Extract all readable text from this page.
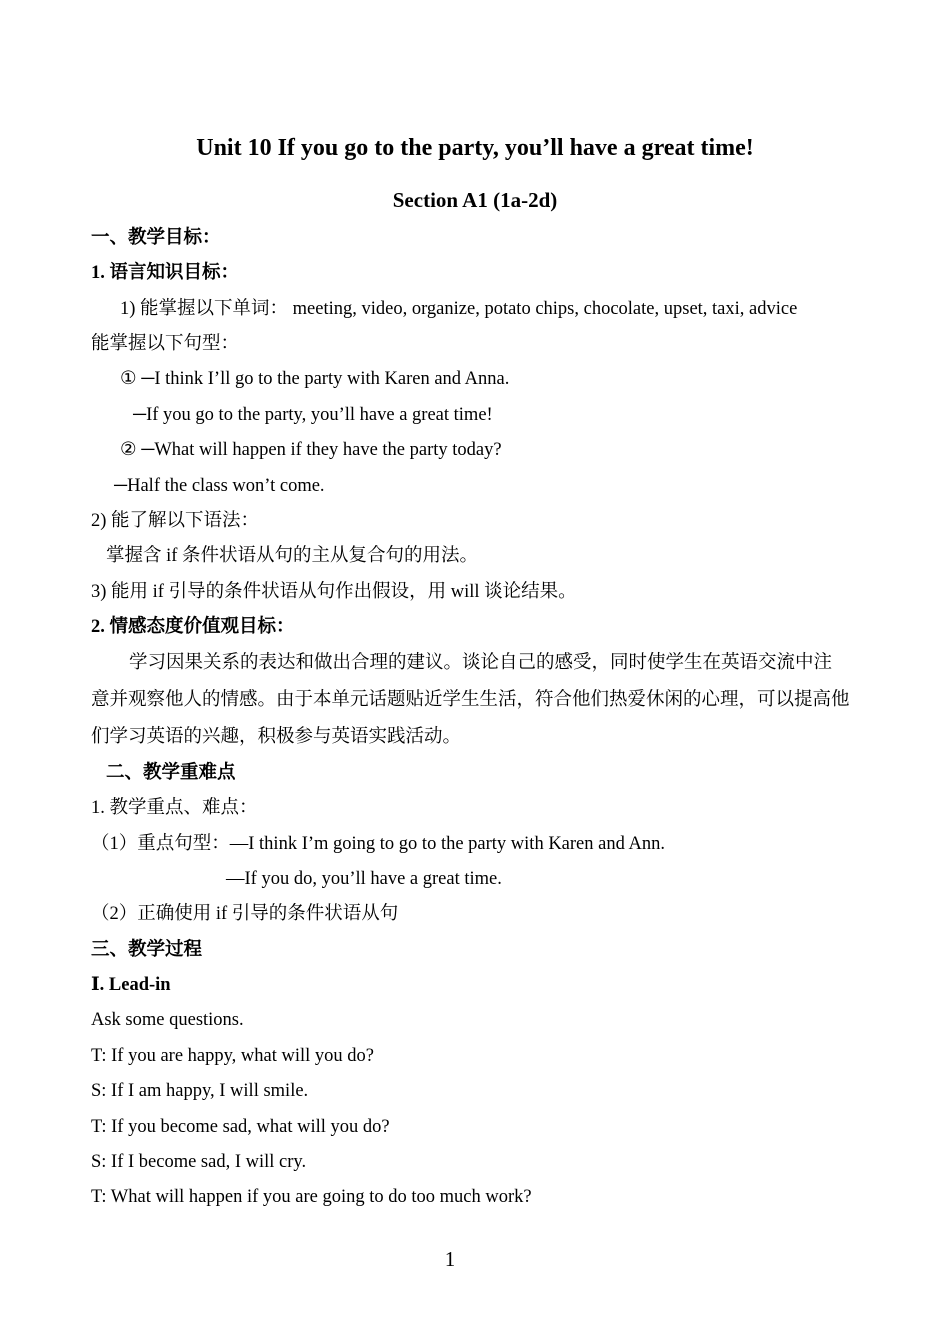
Unit 10 If you go to the party, you’ll have a great time!
Section A1 (1a-2d)
一、教学目标：
1. 语言知识目标：
1) 能掌握以下单词： meeting, video, organize, potato chips, chocolate, upset, taxi, advice
能掌握以下句型：
① ─I think I’ll go to the party with Karen and Anna.
─If you go to the party, you’ll have a great time!
② ─What will happen if they have the party today?
─Half the class won’t come.
2) 能了解以下语法：
掌握含 if 条件状语从句的主从复合句的用法。
3) 能用 if 引导的条件状语从句作出假设，用 will 谈论结果。
2. 情感态度价值观目标：
学习因果关系的表达和做出合理的建议。谈论自己的感受，同时使学生在英语交流中注
意并观察他人的情感。由于本单元话题贴近学生生活，符合他们热爱休闲的心理，可以提高他
们学习英语的兴趣，积极参与英语实践活动。
二、教学重难点
1. 教学重点、难点：
（1）重点句型：—I think I’m going to go to the party with Karen and Ann.
—If you do, you’ll have a great time.
（2）正确使用 if 引导的条件状语从句
三、教学过程
Ⅰ. Lead-in
Ask some questions.
T: If you are happy, what will you do?
S: If I am happy, I will smile.
T: If you become sad, what will you do?
S: If I become sad, I will cry.
T: What will happen if you are going to do too much work?
1
